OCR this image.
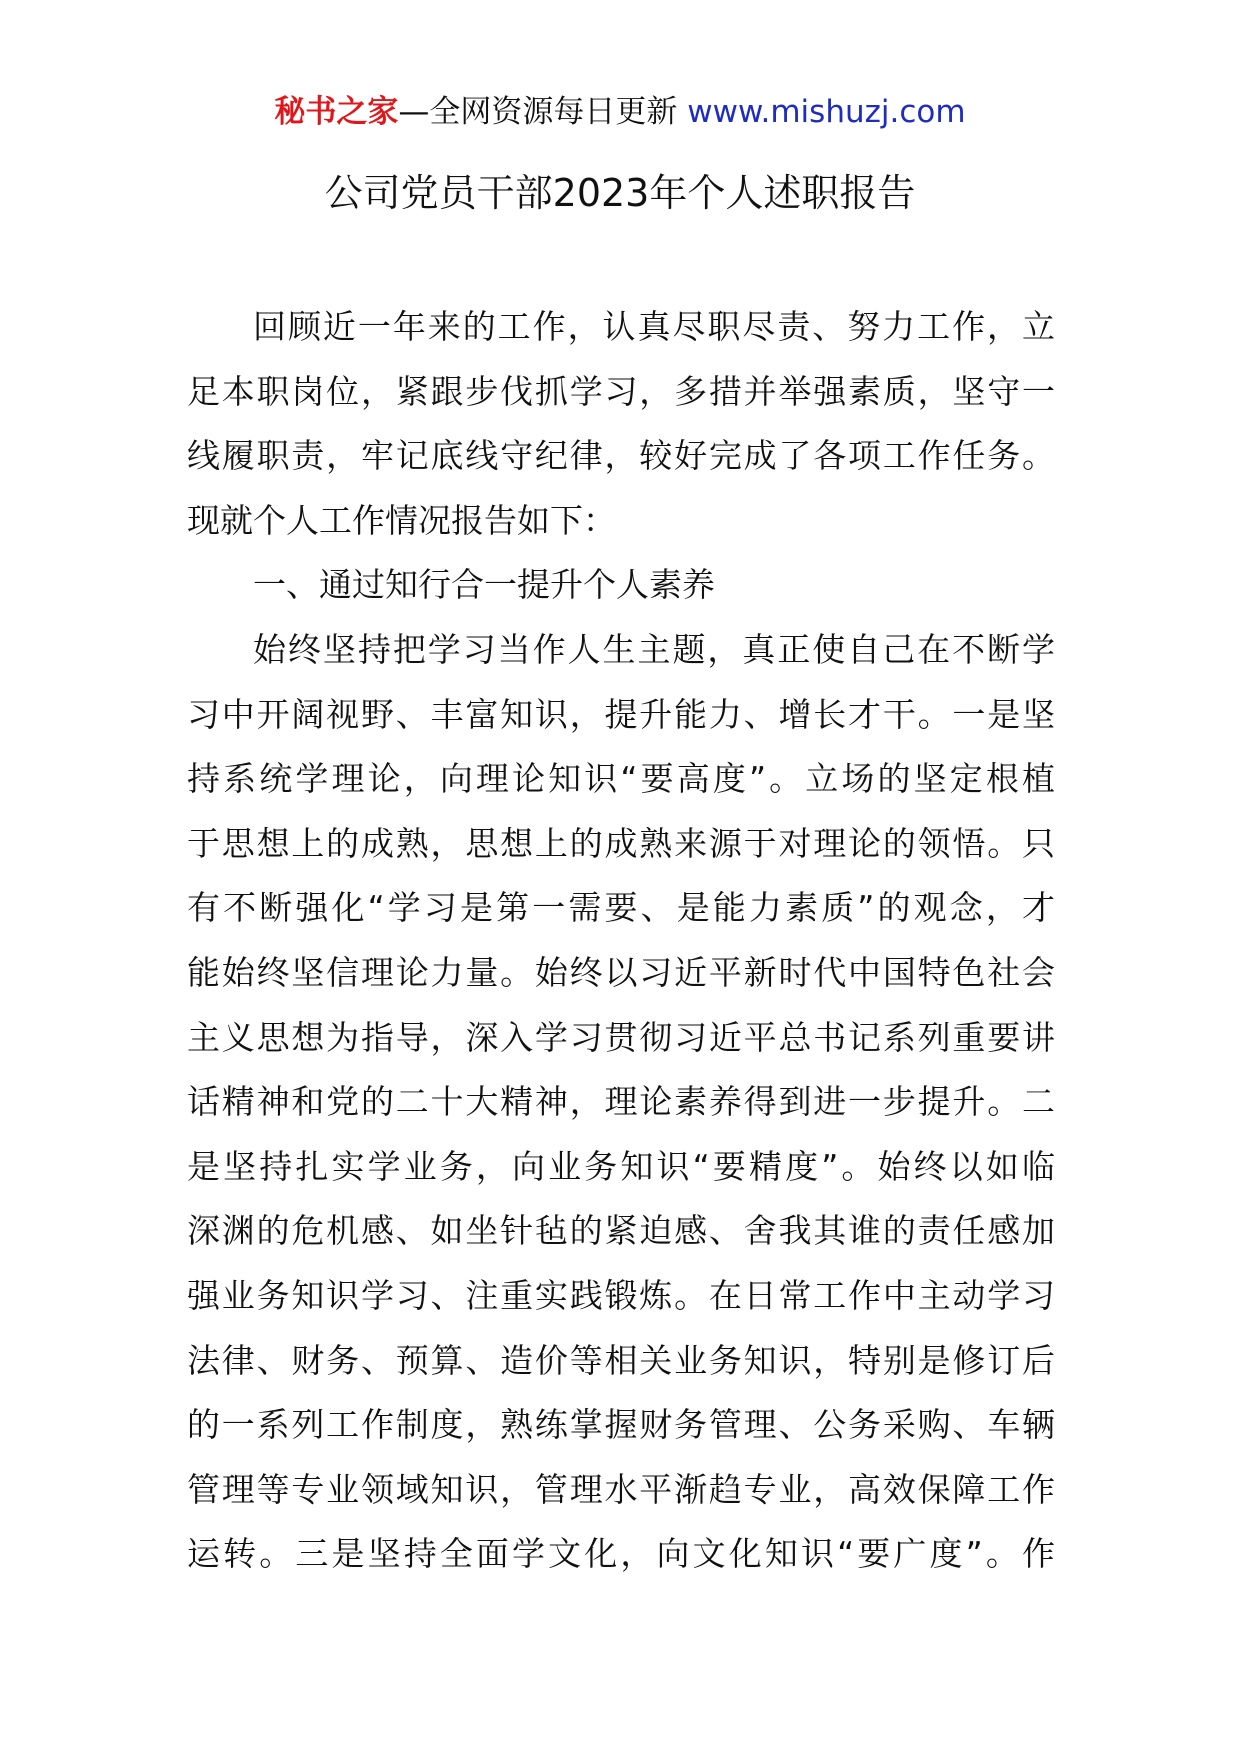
秘书之家—全网资源每日更新 www.mishuzj.com
公司党员干部2023年个人述职报告
回顾近一年来的工作，认真尽职尽责、努力工作，立
足本职岗位，紧跟步伐抓学习，多措并举强素质，坚守一
线履职责，牢记底线守纪律，较好完成了各项工作任务。
现就个人工作情况报告如下：
一、通过知行合一提升个人素养
始终坚持把学习当作人生主题，真正使自己在不断学
习中开阔视野、丰富知识，提升能力、增长才干。一是坚
持系统学理论，向理论知识“要高度”。立场的坚定根植
于思想上的成熟，思想上的成熟来源于对理论的领悟。只
有不断强化“学习是第一需要、是能力素质”的观念，才
能始终坚信理论力量。始终以习近平新时代中国特色社会
主义思想为指导，深入学习贯彻习近平总书记系列重要讲
话精神和党的二十大精神，理论素养得到进一步提升。二
是坚持扎实学业务，向业务知识“要精度”。始终以如临
深渊的危机感、如坐针毡的紧迫感、舍我其谁的责任感加
强业务知识学习、注重实践锻炼。在日常工作中主动学习
法律、财务、预算、造价等相关业务知识，特别是修订后
的一系列工作制度，熟练掌握财务管理、公务采购、车辆
管理等专业领域知识，管理水平渐趋专业，高效保障工作
运转。三是坚持全面学文化，向文化知识“要广度”。作
